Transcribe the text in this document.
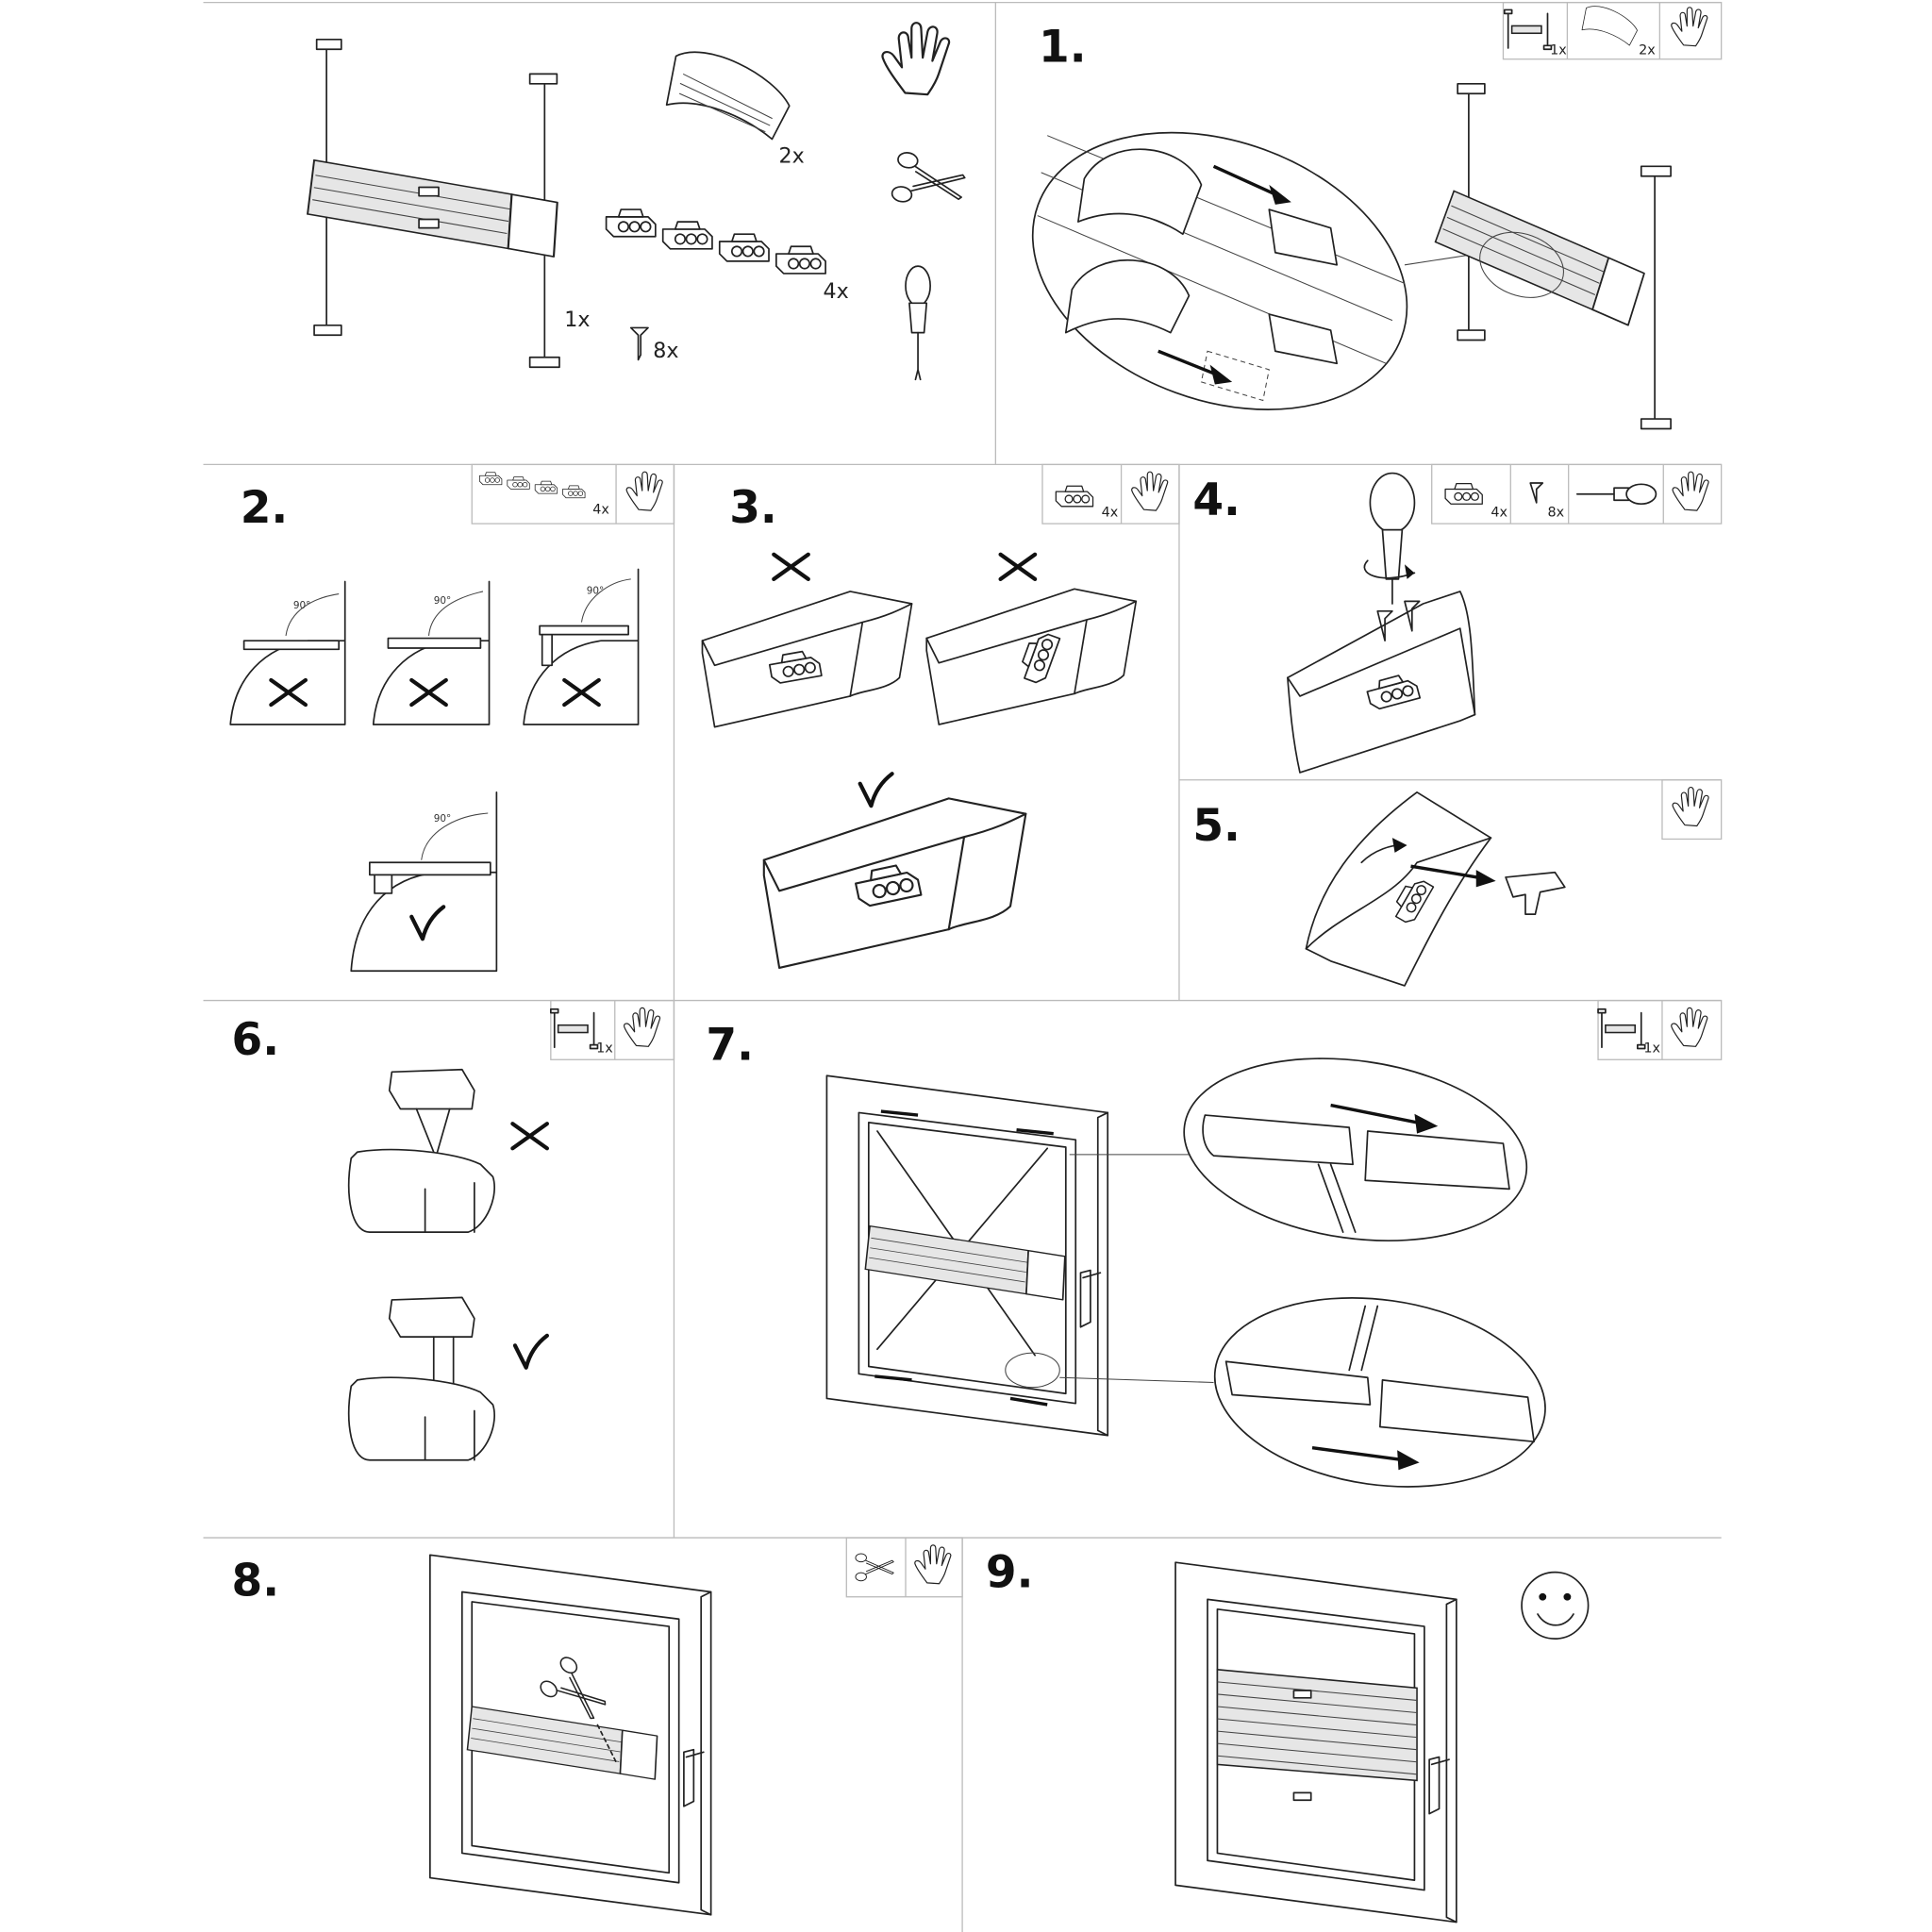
1x
2x
4x
8x
1.	1x	2x
2.	4x
90°	90°
90°
90°
3.	4x 4.	4x	8x
5.
6.	1x	7.	1x
8.	9.
